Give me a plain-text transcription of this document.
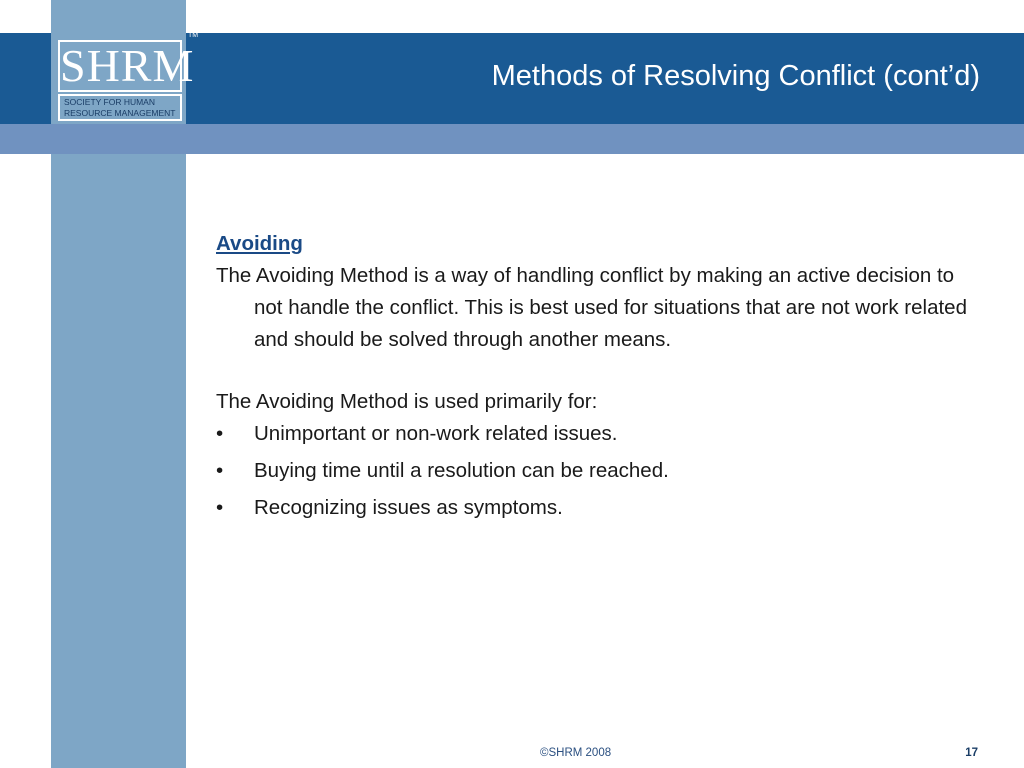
SHRM
SOCIETY FOR HUMAN RESOURCE MANAGEMENT
TM
Methods of Resolving Conflict (cont’d)

Avoiding

The Avoiding Method is a way of handling conflict by making an active decision to not handle the conflict. This is best used for situations that are not work related and should be solved through another means.

The Avoiding Method is used primarily for:

• Unimportant or non-work related issues.
• Buying time until a resolution can be reached.
• Recognizing issues as symptoms.
©SHRM 2008	17
